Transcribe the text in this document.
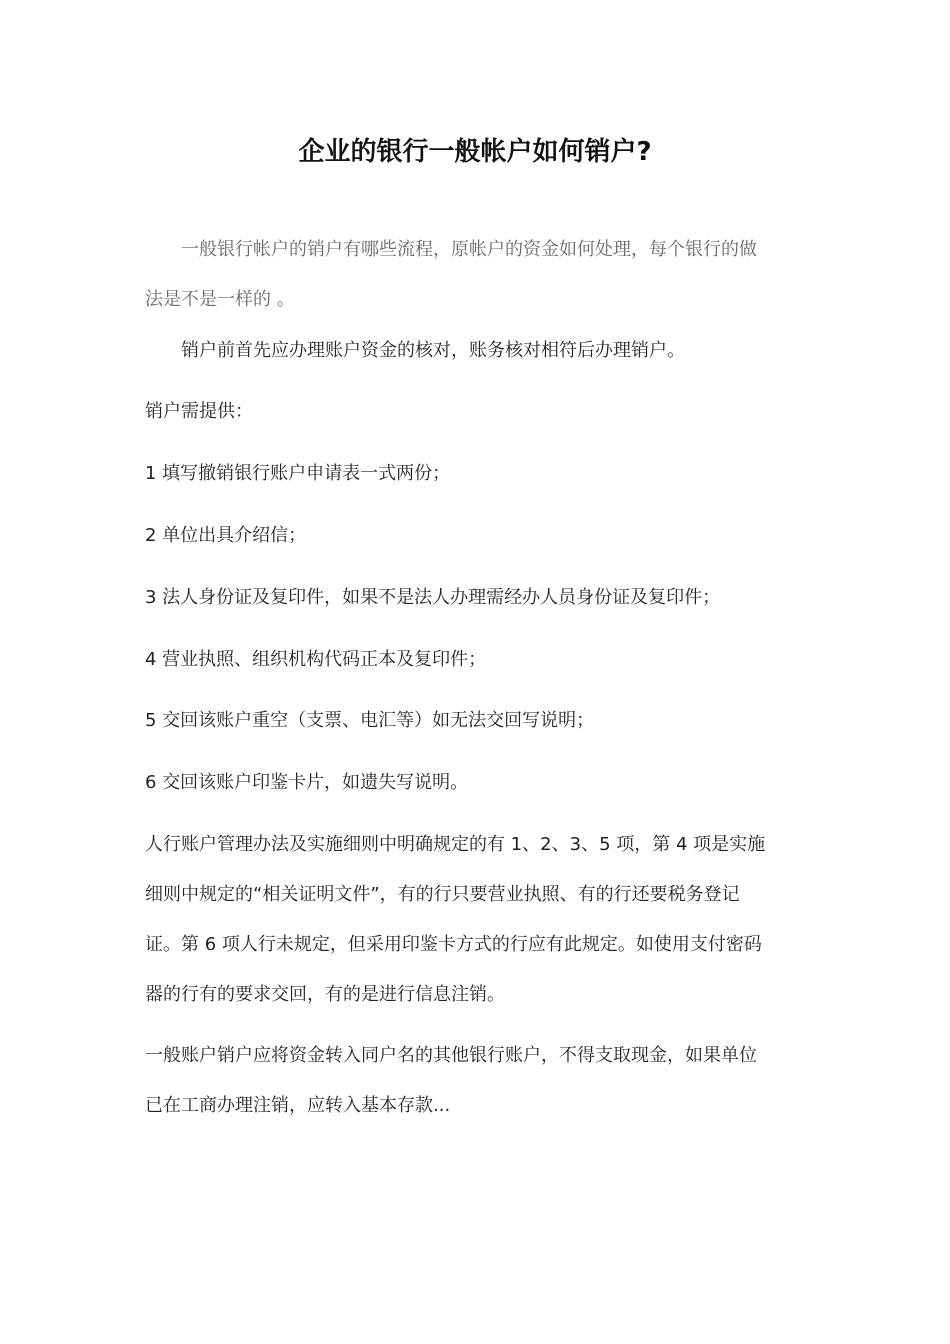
企业的银行一般帐户如何销户?
一般银行帐户的销户有哪些流程，原帐户的资金如何处理，每个银行的做
法是不是一样的 。
销户前首先应办理账户资金的核对，账务核对相符后办理销户。
销户需提供：
1 填写撤销银行账户申请表一式两份；
2 单位出具介绍信；
3 法人身份证及复印件，如果不是法人办理需经办人员身份证及复印件；
4 营业执照、组织机构代码正本及复印件；
5 交回该账户重空（支票、电汇等）如无法交回写说明；
6 交回该账户印鉴卡片，如遗失写说明。
人行账户管理办法及实施细则中明确规定的有 1、2、3、5 项，第 4 项是实施
细则中规定的“相关证明文件”，有的行只要营业执照、有的行还要税务登记
证。第 6 项人行未规定，但采用印鉴卡方式的行应有此规定。如使用支付密码
器的行有的要求交回，有的是进行信息注销。
一般账户销户应将资金转入同户名的其他银行账户，不得支取现金，如果单位
已在工商办理注销，应转入基本存款...
